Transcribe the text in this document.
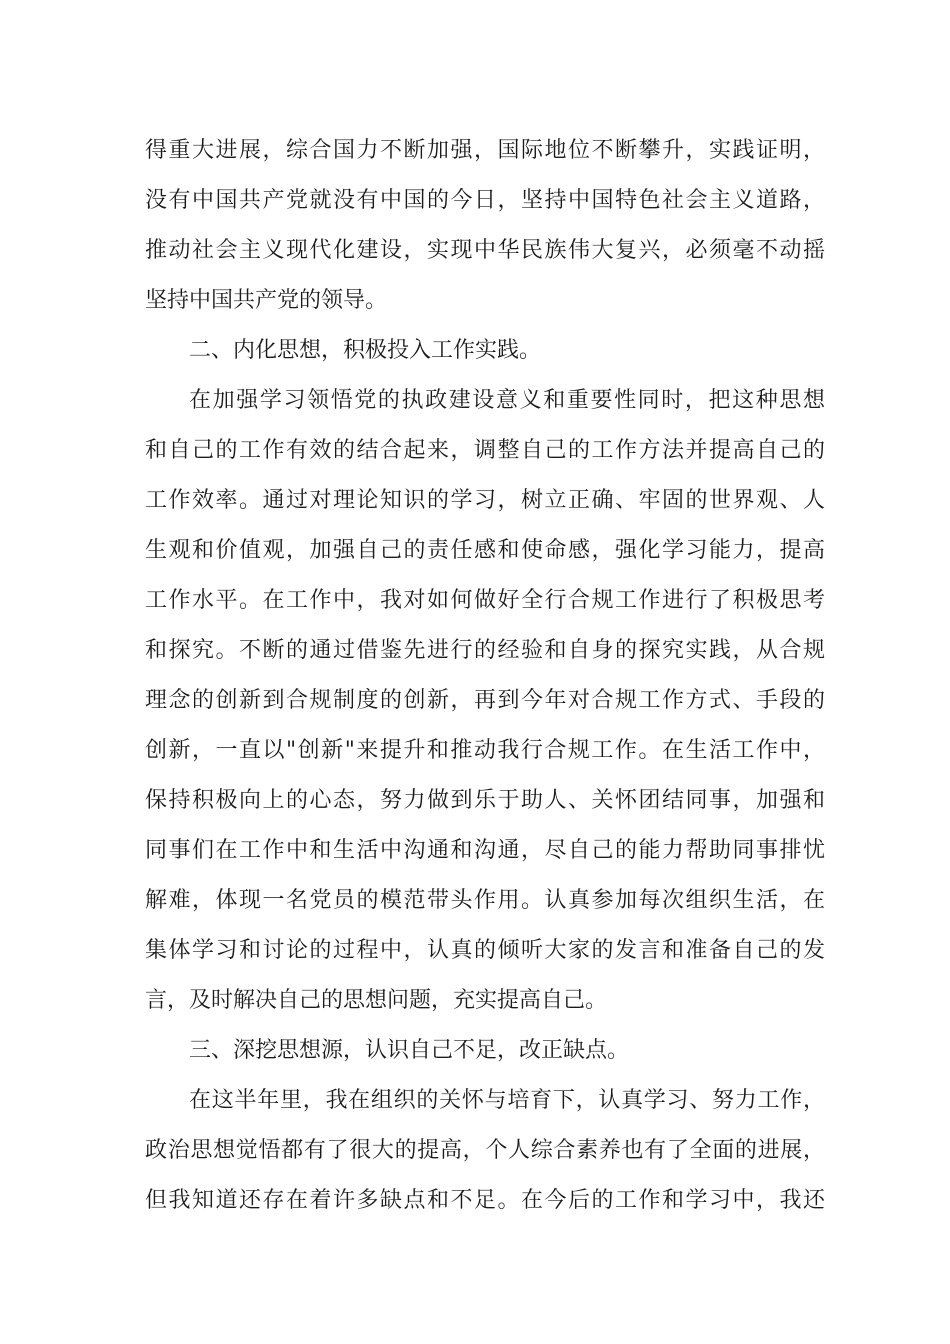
得重大进展，综合国力不断加强，国际地位不断攀升，实践证明，
没有中国共产党就没有中国的今日，坚持中国特色社会主义道路，
推动社会主义现代化建设，实现中华民族伟大复兴，必须毫不动摇
坚持中国共产党的领导。
二、内化思想，积极投入工作实践。
在加强学习领悟党的执政建设意义和重要性同时，把这种思想
和自己的工作有效的结合起来，调整自己的工作方法并提高自己的
工作效率。通过对理论知识的学习，树立正确、牢固的世界观、人
生观和价值观，加强自己的责任感和使命感，强化学习能力，提高
工作水平。在工作中，我对如何做好全行合规工作进行了积极思考
和探究。不断的通过借鉴先进行的经验和自身的探究实践，从合规
理念的创新到合规制度的创新，再到今年对合规工作方式、手段的
创新，一直以"创新"来提升和推动我行合规工作。在生活工作中，
保持积极向上的心态，努力做到乐于助人、关怀团结同事，加强和
同事们在工作中和生活中沟通和沟通，尽自己的能力帮助同事排忧
解难，体现一名党员的模范带头作用。认真参加每次组织生活，在
集体学习和讨论的过程中，认真的倾听大家的发言和准备自己的发
言，及时解决自己的思想问题，充实提高自己。
三、深挖思想源，认识自己不足，改正缺点。
在这半年里，我在组织的关怀与培育下，认真学习、努力工作，
政治思想觉悟都有了很大的提高，个人综合素养也有了全面的进展，
但我知道还存在着许多缺点和不足。在今后的工作和学习中，我还
